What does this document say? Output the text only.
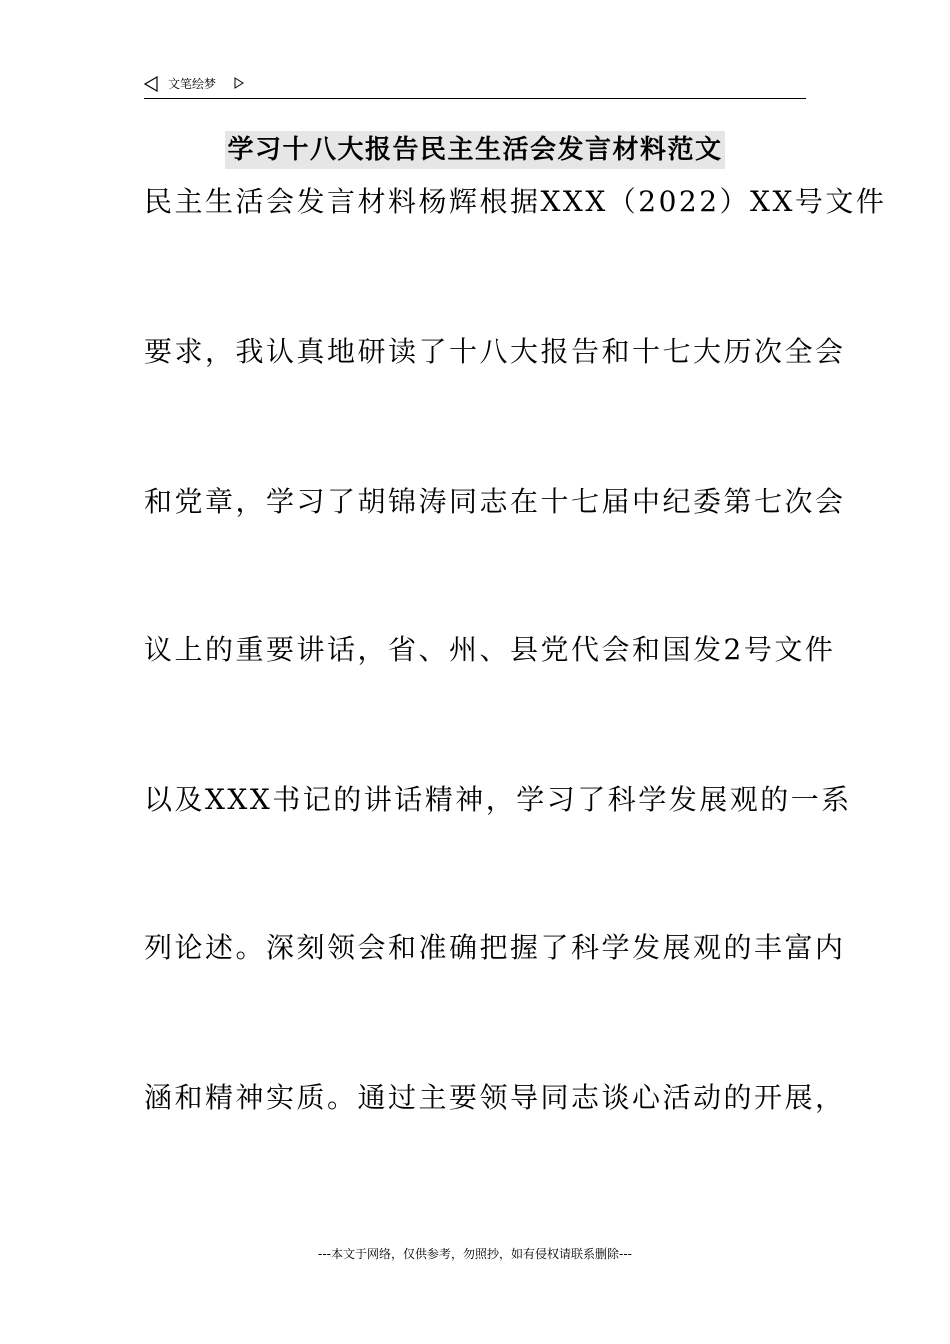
文笔绘梦
学习十八大报告民主生活会发言材料范文
民主生活会发言材料杨辉根据XXX（2022）XX号文件
要求，我认真地研读了十八大报告和十七大历次全会
和党章，学习了胡锦涛同志在十七届中纪委第七次会
议上的重要讲话，省、州、县党代会和国发2号文件
以及XXX书记的讲话精神，学习了科学发展观的一系
列论述。深刻领会和准确把握了科学发展观的丰富内
涵和精神实质。通过主要领导同志谈心活动的开展，
---本文于网络，仅供参考，勿照抄，如有侵权请联系删除---
